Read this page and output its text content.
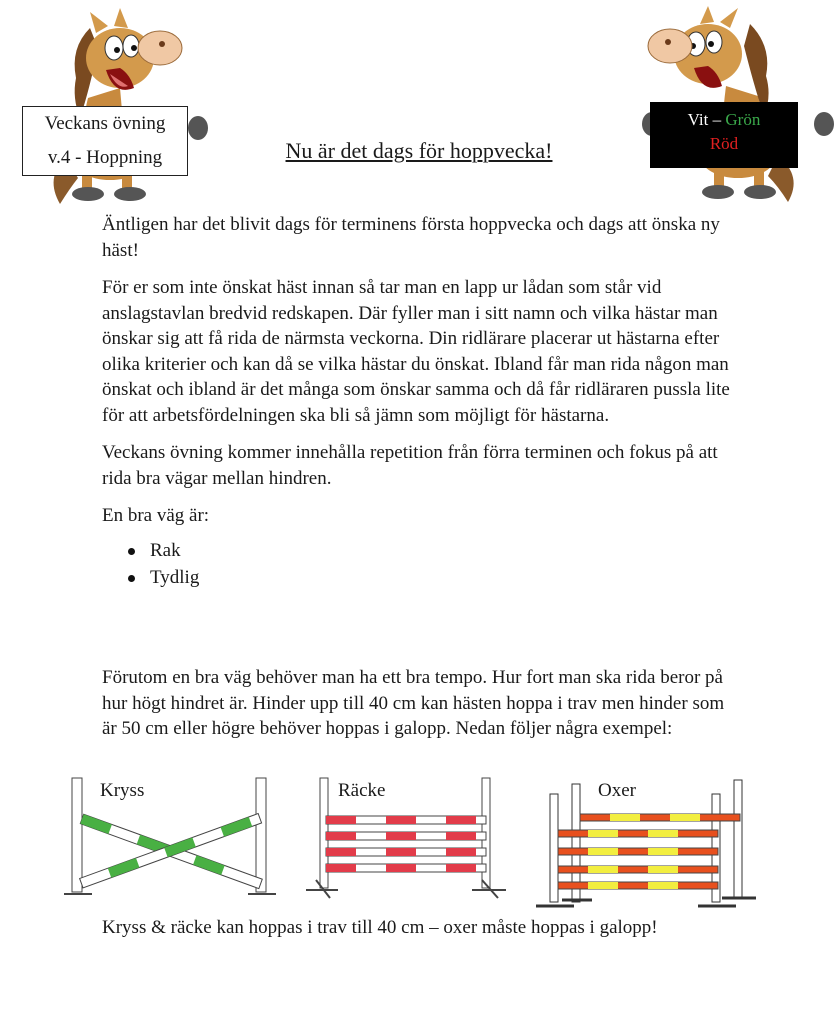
Veckans övning
v.4 - Hoppning
Vit – Grön
Röd
Nu är det dags för hoppvecka!

Äntligen har det blivit dags för terminens första hoppvecka och dags att önska ny häst!

För er som inte önskat häst innan så tar man en lapp ur lådan som står vid anslagstavlan bredvid redskapen. Där fyller man i sitt namn och vilka hästar man önskar sig att få rida de närmsta veckorna. Din ridlärare placerar ut hästarna efter olika kriterier och kan då se vilka hästar du önskat. Ibland får man rida någon man önskat och ibland är det många som önskar samma och då får ridläraren pussla lite för att arbetsfördelningen ska bli så jämn som möjligt för hästarna.

Veckans övning kommer innehålla repetition från förra terminen och fokus på att rida bra vägar mellan hindren.

En bra väg är:

Rak
Tydlig
Förutom en bra väg behöver man ha ett bra tempo. Hur fort man ska rida beror på hur högt hindret är. Hinder upp till 40 cm kan hästen hoppa i trav men hinder som är 50 cm eller högre behöver hoppas i galopp. Nedan följer några exempel:
Kryss	Räcke	Oxer
Kryss & räcke kan hoppas i trav till 40 cm – oxer måste hoppas i galopp!
